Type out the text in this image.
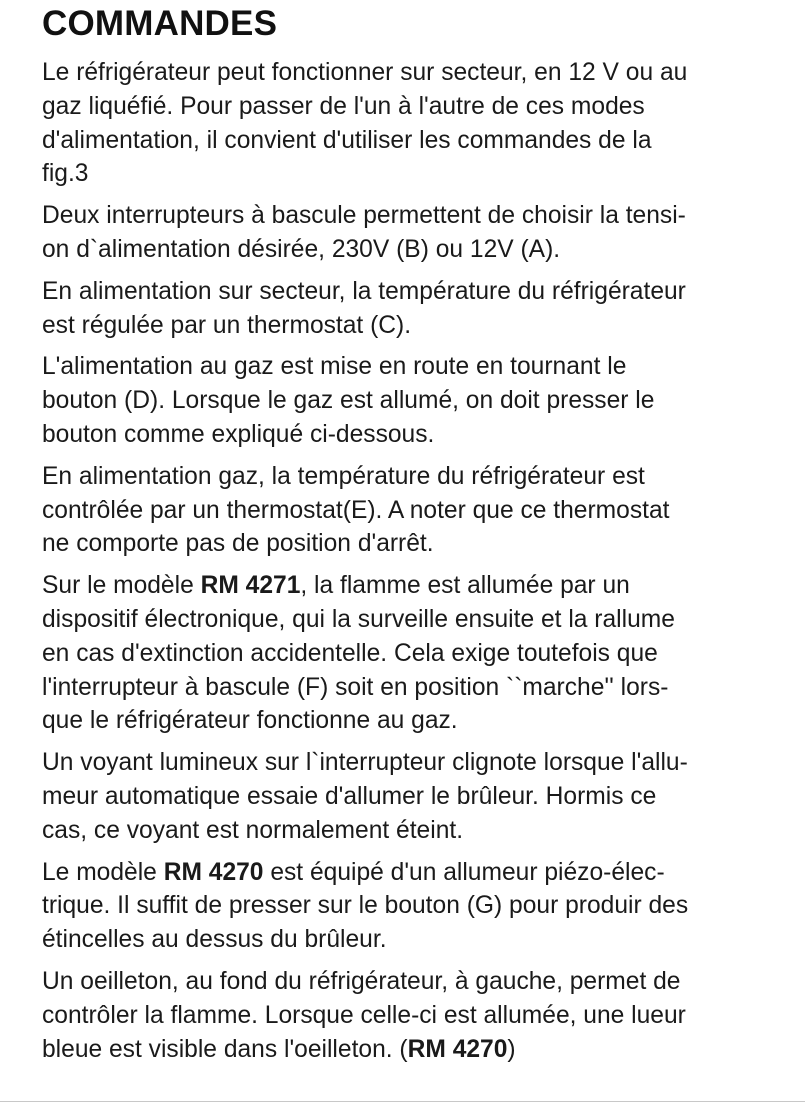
COMMANDES

Le réfrigérateur peut fonctionner sur secteur, en 12 V ou au
gaz liquéfié. Pour passer de l'un à l'autre de ces modes
d'alimentation, il convient d'utiliser les commandes de la
fig.3

Deux interrupteurs à bascule permettent de choisir la tensi-
on d`alimentation désirée, 230V (B) ou 12V (A).

En alimentation sur secteur, la température du réfrigérateur
est régulée par un thermostat (C).

L'alimentation au gaz est mise en route en tournant le
bouton (D). Lorsque le gaz est allumé, on doit presser le
bouton comme expliqué ci-dessous.

En alimentation gaz, la température du réfrigérateur est
contrôlée par un thermostat(E). A noter que ce thermostat
ne comporte pas de position d'arrêt.

Sur le modèle RM 4271, la flamme est allumée par un
dispositif électronique, qui la surveille ensuite et la rallume
en cas d'extinction accidentelle. Cela exige toutefois que
l'interrupteur à bascule (F) soit en position ``marche'' lors-
que le réfrigérateur fonctionne au gaz.

Un voyant lumineux sur l`interrupteur clignote lorsque l'allu-
meur automatique essaie d'allumer le brûleur. Hormis ce
cas, ce voyant est normalement éteint.

Le modèle RM 4270 est équipé d'un allumeur piézo-élec-
trique. Il suffit de presser sur le bouton (G) pour produir des
étincelles au dessus du brûleur.

Un oeilleton, au fond du réfrigérateur, à gauche, permet de
contrôler la flamme. Lorsque celle-ci est allumée, une lueur
bleue est visible dans l'oeilleton. (RM 4270)
